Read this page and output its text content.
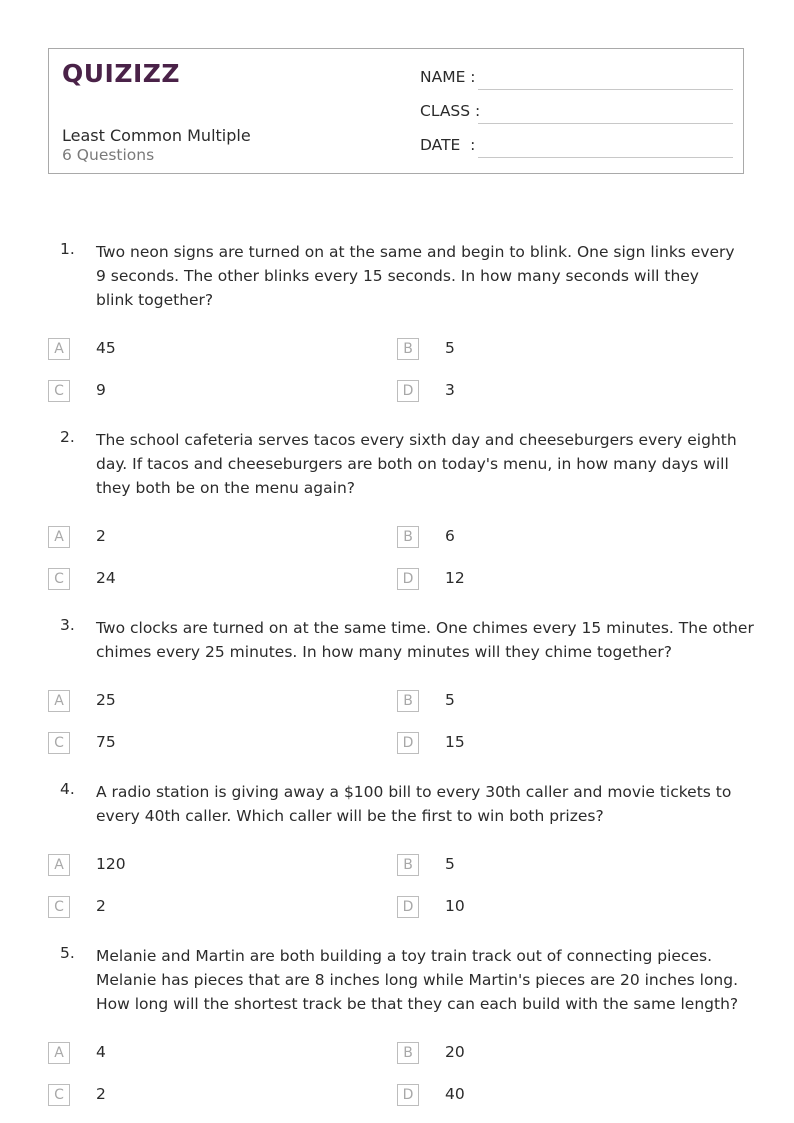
QUIZIZZ
Least Common Multiple
6 Questions
NAME :
CLASS :
DATE  :
1. Two neon signs are turned on at the same and begin to blink. One sign links every 9 seconds. The other blinks every 15 seconds. In how many seconds will they blink together?
A	45	B	5
C	9	D	3
2. The school cafeteria serves tacos every sixth day and cheeseburgers every eighth day. If tacos and cheeseburgers are both on today's menu, in how many days will they both be on the menu again?
A	2	B	6
C	24	D	12
3. Two clocks are turned on at the same time. One chimes every 15 minutes. The other chimes every 25 minutes. In how many minutes will they chime together?
A	25	B	5
C	75	D	15
4. A radio station is giving away a $100 bill to every 30th caller and movie tickets to every 40th caller. Which caller will be the first to win both prizes?
A	120	B	5
C	2	D	10
5. Melanie and Martin are both building a toy train track out of connecting pieces. Melanie has pieces that are 8 inches long while Martin's pieces are 20 inches long. How long will the shortest track be that they can each build with the same length?
A	4	B	20
C	2	D	40
